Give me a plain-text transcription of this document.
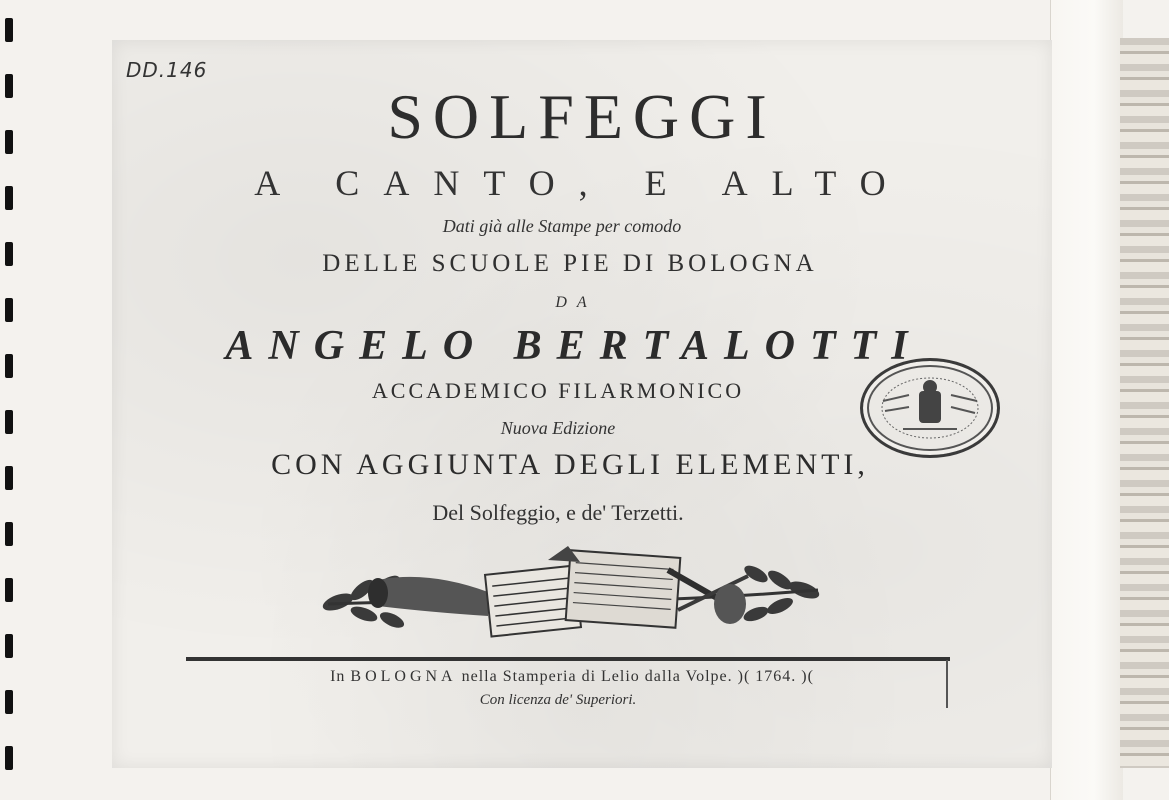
DD.146
SOLFEGGI
A CANTO, E ALTO
Dati già alle Stampe per comodo
DELLE SCUOLE PIE DI BOLOGNA
DA
ANGELO BERTALOTTI
ACCADEMICO FILARMONICO
Nuova Edizione
CON AGGIUNTA DEGLI ELEMENTI,
Del Solfeggio, e de' Terzetti.
In BOLOGNA nella Stamperia di Lelio dalla Volpe. )( 1764. )(
Con licenza de' Superiori.
